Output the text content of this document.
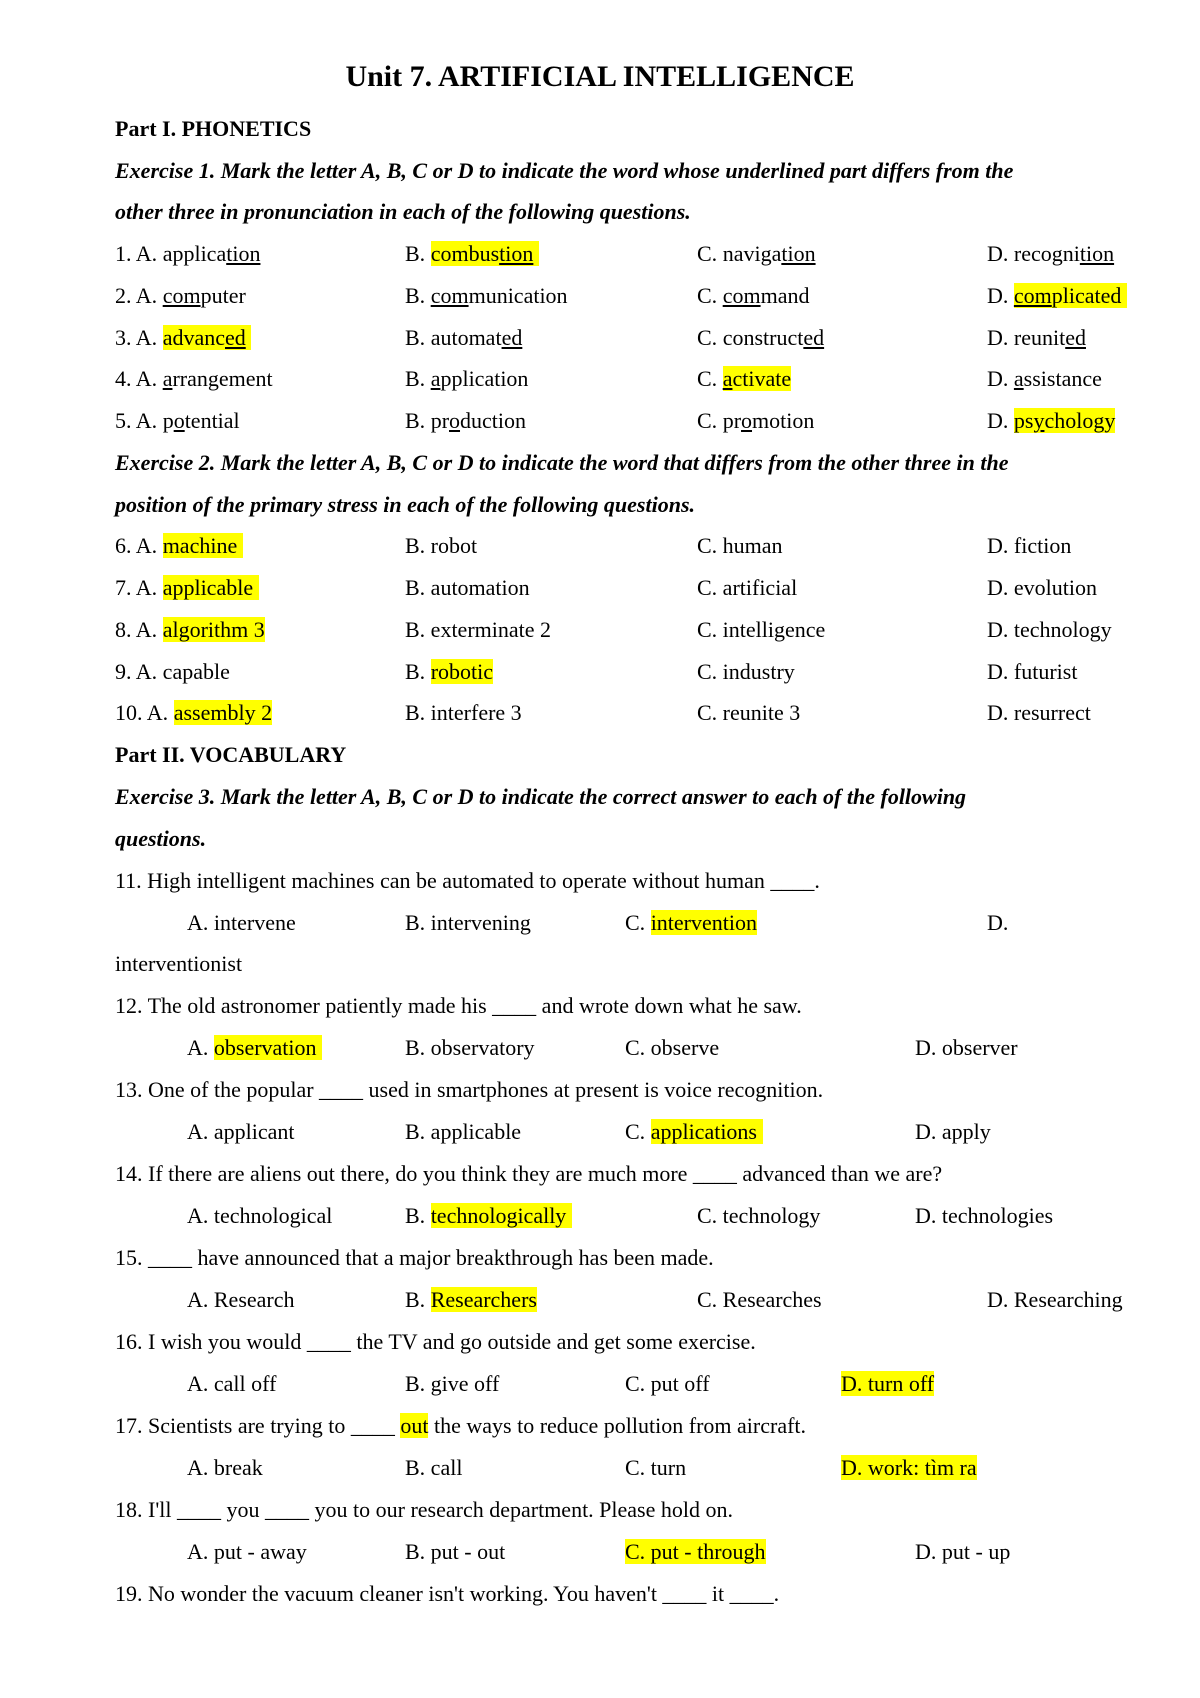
Unit 7. ARTIFICIAL INTELLIGENCE
Part I. PHONETICS
Exercise 1. Mark the letter A, B, C or D to indicate the word whose underlined part differs from the
other three in pronunciation in each of the following questions.
1. A. application	B. combustion	C. navigation	D. recognition
2. A. computer	B. communication	C. command	D. complicated
3. A. advanced	B. automated	C. constructed	D. reunited
4. A. arrangement	B. application	C. activate	D. assistance
5. A. potential	B. production	C. promotion	D. psychology
Exercise 2. Mark the letter A, B, C or D to indicate the word that differs from the other three in the
position of the primary stress in each of the following questions.
6. A. machine	B. robot	C. human	D. fiction
7. A. applicable	B. automation	C. artificial	D. evolution
8. A. algorithm 3	B. exterminate 2	C. intelligence	D. technology
9. A. capable	B. robotic	C. industry	D. futurist
10. A. assembly 2	B. interfere 3	C. reunite 3	D. resurrect
Part II. VOCABULARY
Exercise 3. Mark the letter A, B, C or D to indicate the correct answer to each of the following
questions.
11. High intelligent machines can be automated to operate without human ____.
A. intervene	B. intervening	C. intervention	D.
interventionist
12. The old astronomer patiently made his ____ and wrote down what he saw.
A. observation	B. observatory	C. observe	D. observer
13. One of the popular ____ used in smartphones at present is voice recognition.
A. applicant	B. applicable	C. applications	D. apply
14. If there are aliens out there, do you think they are much more ____ advanced than we are?
A. technological	B. technologically	C. technology	D. technologies
15. ____ have announced that a major breakthrough has been made.
A. Research	B. Researchers	C. Researches	D. Researching
16. I wish you would ____ the TV and go outside and get some exercise.
A. call off	B. give off	C. put off	D. turn off
17. Scientists are trying to ____ out the ways to reduce pollution from aircraft.
A. break	B. call	C. turn	D. work: tìm ra
18. I'll ____ you ____ you to our research department. Please hold on.
A. put - away	B. put - out	C. put - through	D. put - up
19. No wonder the vacuum cleaner isn't working. You haven't ____ it ____.
